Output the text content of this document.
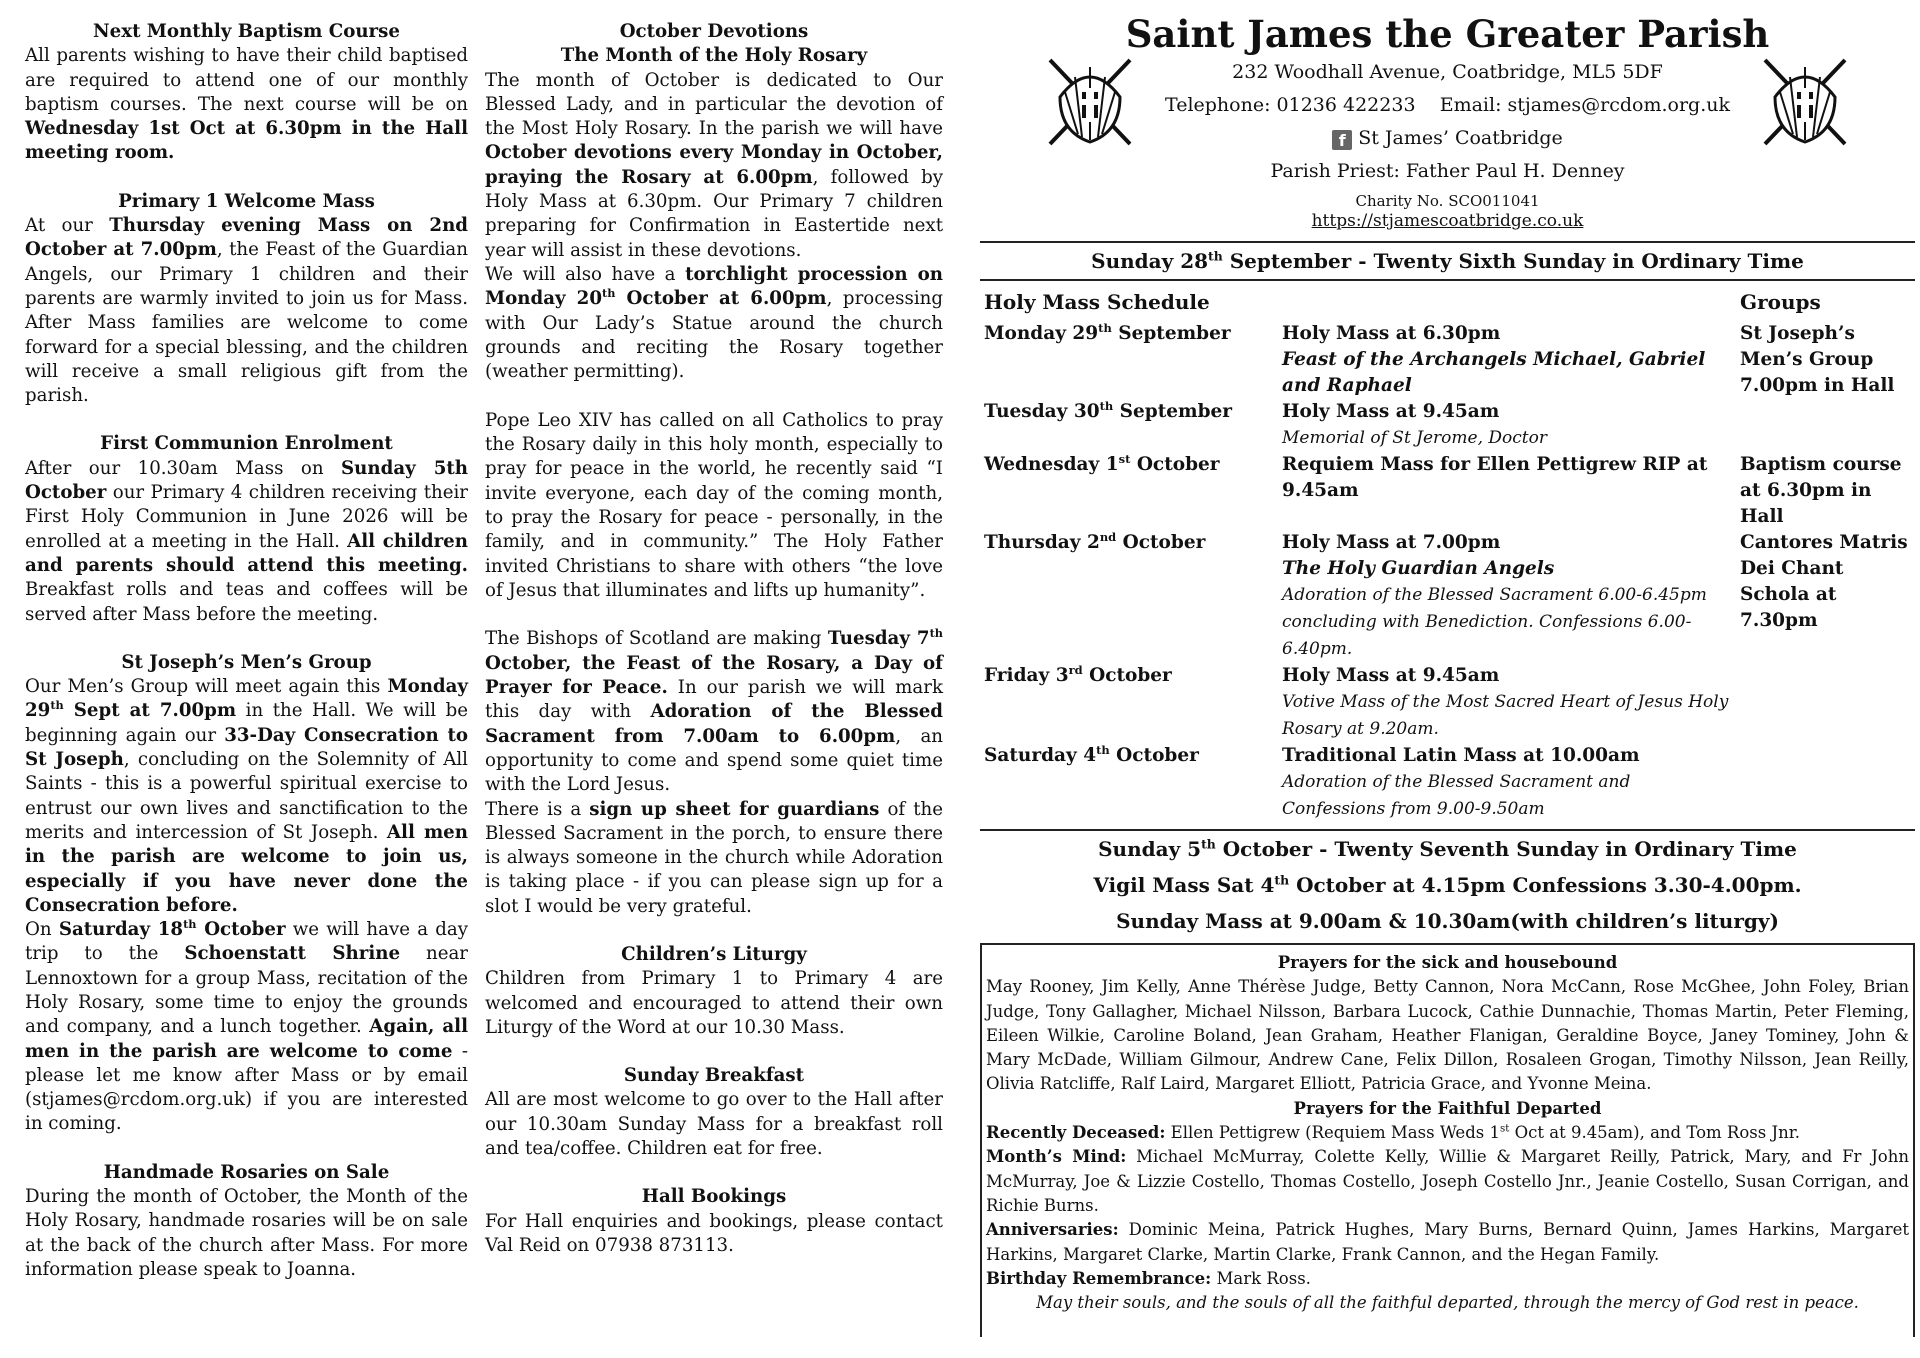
Next Monthly Baptism Course
All parents wishing to have their child baptised are required to attend one of our monthly baptism courses. The next course will be on Wednesday 1st Oct at 6.30pm in the Hall meeting room.
Primary 1 Welcome Mass
At our Thursday evening Mass on 2nd October at 7.00pm, the Feast of the Guardian Angels, our Primary 1 children and their parents are warmly invited to join us for Mass. After Mass families are welcome to come forward for a special blessing, and the children will receive a small religious gift from the parish.
First Communion Enrolment
After our 10.30am Mass on Sunday 5th October our Primary 4 children receiving their First Holy Communion in June 2026 will be enrolled at a meeting in the Hall. All children and parents should attend this meeting. Breakfast rolls and teas and coffees will be served after Mass before the meeting.
St Joseph’s Men’s Group
Our Men’s Group will meet again this Monday 29th Sept at 7.00pm in the Hall. We will be beginning again our 33-Day Consecration to St Joseph, concluding on the Solemnity of All Saints - this is a powerful spiritual exercise to entrust our own lives and sanctification to the merits and intercession of St Joseph. All men in the parish are welcome to join us, especially if you have never done the Consecration before.
On Saturday 18th October we will have a day trip to the Schoenstatt Shrine near Lennoxtown for a group Mass, recitation of the Holy Rosary, some time to enjoy the grounds and company, and a lunch together. Again, all men in the parish are welcome to come - please let me know after Mass or by email (stjames@rcdom.org.uk) if you are interested in coming.
Handmade Rosaries on Sale
During the month of October, the Month of the Holy Rosary, handmade rosaries will be on sale at the back of the church after Mass. For more information please speak to Joanna.
October Devotions
The Month of the Holy Rosary
The month of October is dedicated to Our Blessed Lady, and in particular the devotion of the Most Holy Rosary. In the parish we will have October devotions every Monday in October, praying the Rosary at 6.00pm, followed by Holy Mass at 6.30pm. Our Primary 7 children preparing for Confirmation in Eastertide next year will assist in these devotions.
We will also have a torchlight procession on Monday 20th October at 6.00pm, processing with Our Lady’s Statue around the church grounds and reciting the Rosary together (weather permitting).

Pope Leo XIV has called on all Catholics to pray the Rosary daily in this holy month, especially to pray for peace in the world, he recently said “I invite everyone, each day of the coming month, to pray the Rosary for peace - personally, in the family, and in community.” The Holy Father invited Christians to share with others “the love of Jesus that illuminates and lifts up humanity”.

The Bishops of Scotland are making Tuesday 7th October, the Feast of the Rosary, a Day of Prayer for Peace. In our parish we will mark this day with Adoration of the Blessed Sacrament from 7.00am to 6.00pm, an opportunity to come and spend some quiet time with the Lord Jesus.
There is a sign up sheet for guardians of the Blessed Sacrament in the porch, to ensure there is always someone in the church while Adoration is taking place - if you can please sign up for a slot I would be very grateful.
Children’s Liturgy
Children from Primary 1 to Primary 4 are welcomed and encouraged to attend their own Liturgy of the Word at our 10.30 Mass.
Sunday Breakfast
All are most welcome to go over to the Hall after our 10.30am Sunday Mass for a breakfast roll and tea/coffee. Children eat for free.
Hall Bookings
For Hall enquiries and bookings, please contact Val Reid on 07938 873113.
Saint James the Greater Parish
232 Woodhall Avenue, Coatbridge, ML5 5DF
Telephone: 01236 422233 Email: stjames@rcdom.org.uk
f St James’ Coatbridge
Parish Priest: Father Paul H. Denney
Charity No. SCO011041
https://stjamescoatbridge.co.uk
Sunday 28th September - Twenty Sixth Sunday in Ordinary Time
Holy Mass Schedule		Groups
Monday 29th September	Holy Mass at 6.30pm
Feast of the Archangels Michael, Gabriel and Raphael	St Joseph’s Men’s Group 7.00pm in Hall
Tuesday 30th September	Holy Mass at 9.45am
Memorial of St Jerome, Doctor	

Wednesday 1st October	Requiem Mass for Ellen Pettigrew RIP at 9.45am	Baptism course at 6.30pm in Hall
Thursday 2nd October	Holy Mass at 7.00pm
The Holy Guardian Angels
Adoration of the Blessed Sacrament 6.00-6.45pm concluding with Benediction. Confessions 6.00-6.40pm.	Cantores Matris Dei Chant Schola at 7.30pm
Friday 3rd October	Holy Mass at 9.45am
Votive Mass of the Most Sacred Heart of Jesus Holy Rosary at 9.20am.	

Saturday 4th October	Traditional Latin Mass at 10.00am
Adoration of the Blessed Sacrament and Confessions from 9.00-9.50am	

Sunday 5th October - Twenty Seventh Sunday in Ordinary Time
Vigil Mass Sat 4th October at 4.15pm Confessions 3.30-4.00pm.
Sunday Mass at 9.00am & 10.30am(with children’s liturgy)
Prayers for the sick and housebound
May Rooney, Jim Kelly, Anne Thérèse Judge, Betty Cannon, Nora McCann, Rose McGhee, John Foley, Brian Judge, Tony Gallagher, Michael Nilsson, Barbara Lucock, Cathie Dunnachie, Thomas Martin, Peter Fleming, Eileen Wilkie, Caroline Boland, Jean Graham, Heather Flanigan, Geraldine Boyce, Janey Tominey, John & Mary McDade, William Gilmour, Andrew Cane, Felix Dillon, Rosaleen Grogan, Timothy Nilsson, Jean Reilly, Olivia Ratcliffe, Ralf Laird, Margaret Elliott, Patricia Grace, and Yvonne Meina.
Prayers for the Faithful Departed
Recently Deceased: Ellen Pettigrew (Requiem Mass Weds 1st Oct at 9.45am), and Tom Ross Jnr.
Month’s Mind: Michael McMurray, Colette Kelly, Willie & Margaret Reilly, Patrick, Mary, and Fr John McMurray, Joe & Lizzie Costello, Thomas Costello, Joseph Costello Jnr., Jeanie Costello, Susan Corrigan, and Richie Burns.
Anniversaries: Dominic Meina, Patrick Hughes, Mary Burns, Bernard Quinn, James Harkins, Margaret Harkins, Margaret Clarke, Martin Clarke, Frank Cannon, and the Hegan Family.
Birthday Remembrance: Mark Ross.
May their souls, and the souls of all the faithful departed, through the mercy of God rest in peace.
